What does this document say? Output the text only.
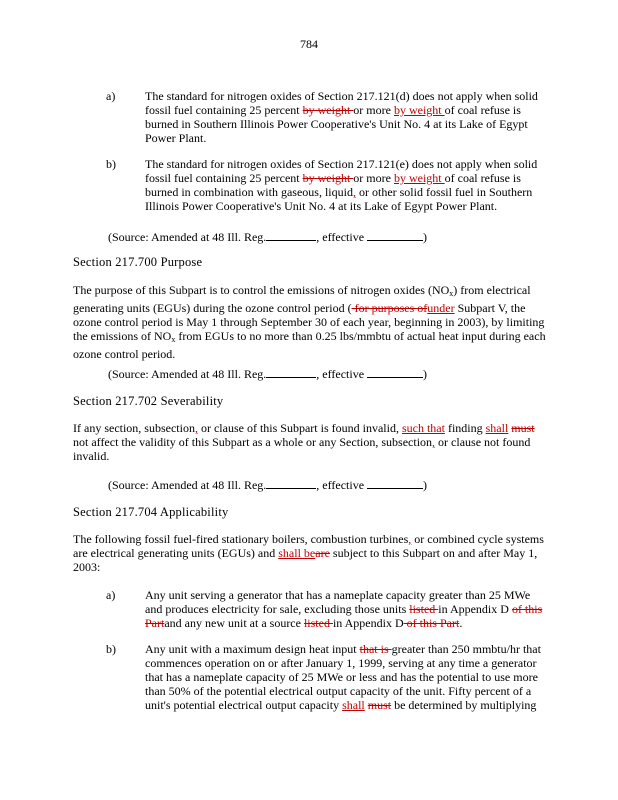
784
a) The standard for nitrogen oxides of Section 217.121(d) does not apply when solid fossil fuel containing 25 percent by weight or more by weight of coal refuse is burned in Southern Illinois Power Cooperative's Unit No. 4 at its Lake of Egypt Power Plant.
b) The standard for nitrogen oxides of Section 217.121(e) does not apply when solid fossil fuel containing 25 percent by weight or more by weight of coal refuse is burned in combination with gaseous, liquid, or other solid fossil fuel in Southern Illinois Power Cooperative's Unit No. 4 at its Lake of Egypt Power Plant.
(Source: Amended at 48 Ill. Reg.	, effective	)
Section 217.700 Purpose
The purpose of this Subpart is to control the emissions of nitrogen oxides $(NO_x)$ from electrical generating units (EGUs) during the ozone control period ( for purposes ofunder Subpart V, the ozone control period is May 1 through September 30 of each year, beginning in 2003), by limiting the emissions of $NO_x$ from EGUs to no more than 0.25 lbs/mmbtu of actual heat input during each ozone control period.
(Source: Amended at 48 Ill. Reg.	, effective	)
Section 217.702 Severability
If any section, subsection, or clause of this Subpart is found invalid, such that finding shall must not affect the validity of this Subpart as a whole or any Section, subsection, or clause not found invalid.
(Source: Amended at 48 Ill. Reg.	, effective	)
Section 217.704 Applicability
The following fossil fuel-fired stationary boilers, combustion turbines, or combined cycle systems are electrical generating units (EGUs) and shall beare subject to this Subpart on and after May 1, 2003:
a) Any unit serving a generator that has a nameplate capacity greater than 25 MWe and produces electricity for sale, excluding those units listed in Appendix D of this Partand any new unit at a source listed in Appendix D of this Part.
b) Any unit with a maximum design heat input that is greater than 250 mmbtu/hr that commences operation on or after January 1, 1999, serving at any time a generator that has a nameplate capacity of 25 MWe or less and has the potential to use more than 50% of the potential electrical output capacity of the unit. Fifty percent of a unit's potential electrical output capacity shall must be determined by multiplying
